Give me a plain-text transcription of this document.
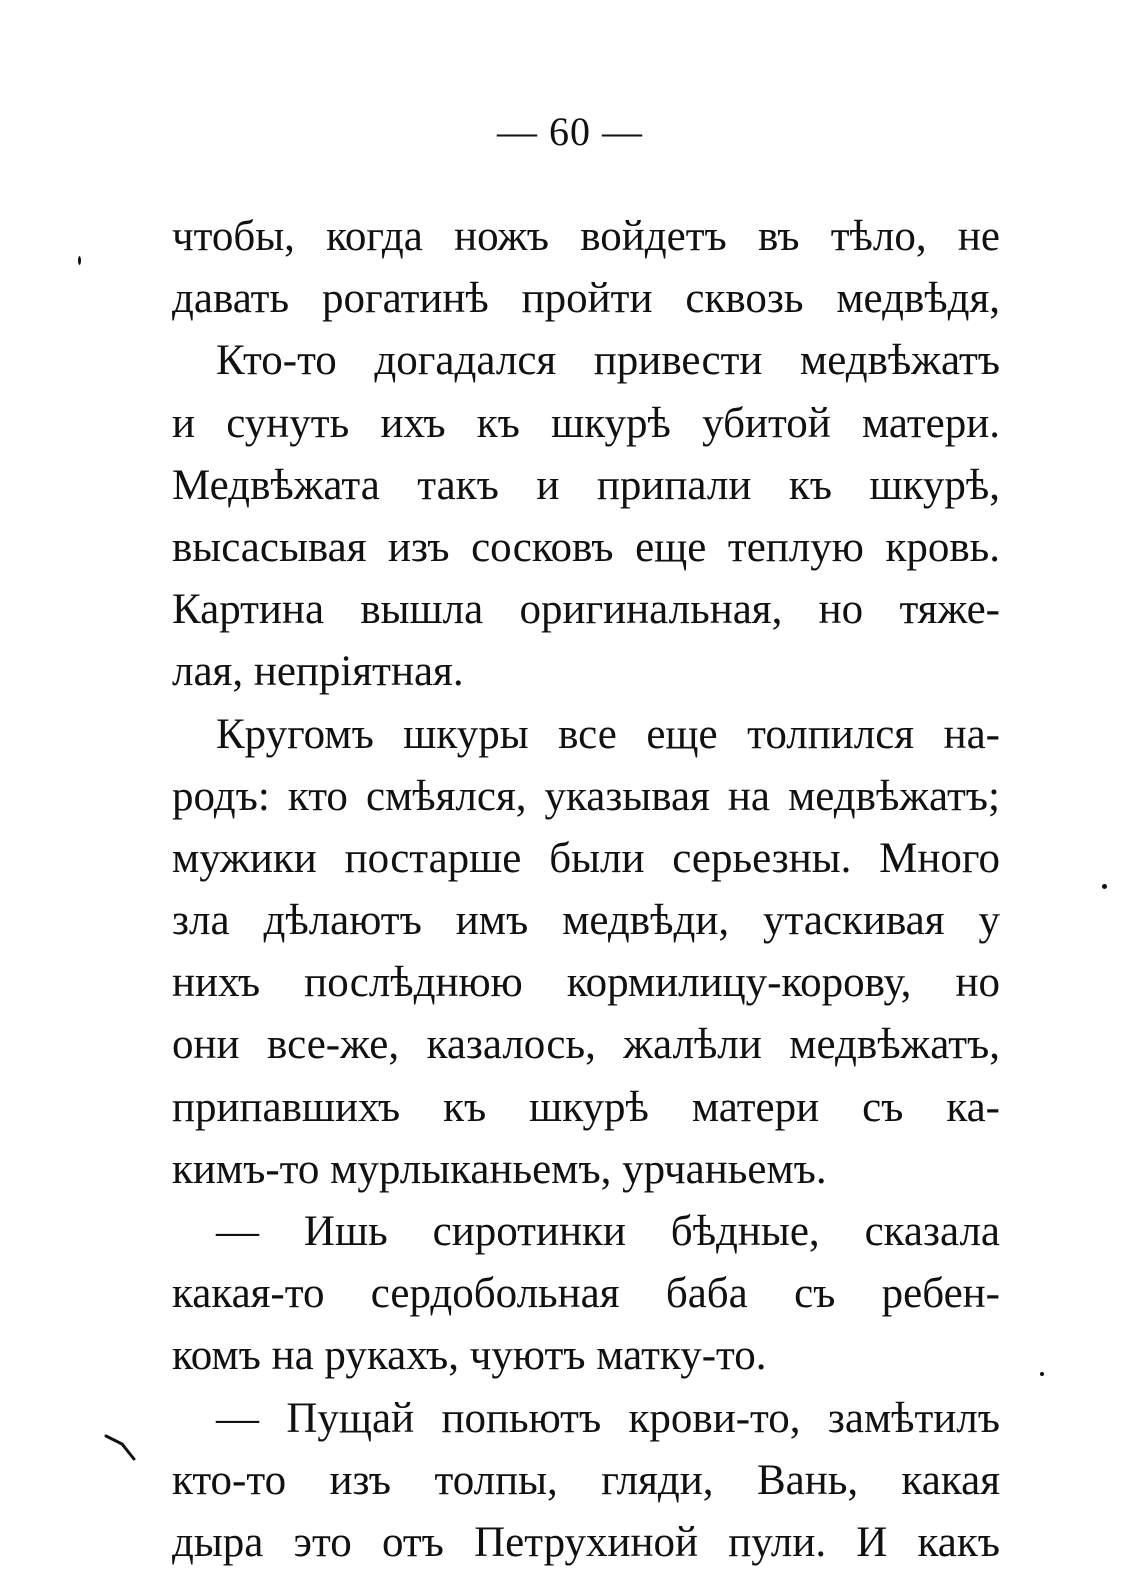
— 60 —
чтобы, когда ножъ войдетъ въ тѣло, не
давать рогатинѣ пройти сквозь медвѣдя,
Кто-то догадался привести медвѣжатъ
и сунуть ихъ къ шкурѣ убитой матери.
Медвѣжата такъ и припали къ шкурѣ,
высасывая изъ сосковъ еще теплую кровь.
Картина вышла оригинальная, но тяже-
лая, непріятная.
Кругомъ шкуры все еще толпился на-
родъ: кто смѣялся, указывая на медвѣжатъ;
мужики постарше были серьезны. Много
зла дѣлаютъ имъ медвѣди, утаскивая у
нихъ послѣднюю кормилицу-корову, но
они все-же, казалось, жалѣли медвѣжатъ,
припавшихъ къ шкурѣ матери съ ка-
кимъ-то мурлыканьемъ, урчаньемъ.
— Ишь сиротинки бѣдные, сказала
какая-то сердобольная баба съ ребен-
комъ на рукахъ, чуютъ матку-то.
— Пущай попьютъ крови-то, замѣтилъ
кто-то изъ толпы, гляди, Вань, какая
дыра это отъ Петрухиной пули. И какъ
